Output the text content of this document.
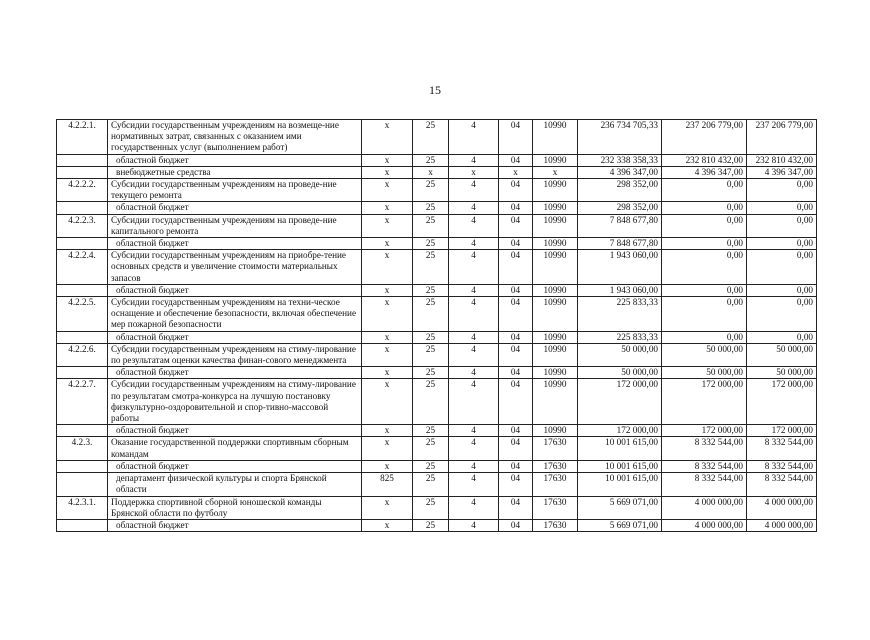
15
4.2.2.1.	Субсидии государственным учреждениям на возмеще-ние нормативных затрат, связанных с оказанием ими государственных услуг (выполнением работ)	x	25	4	04	10990	236 734 705,33	237 206 779,00	237 206 779,00
	областной бюджет	x	25	4	04	10990	232 338 358,33	232 810 432,00	232 810 432,00
	внебюджетные средства	x	x	x	x	x	4 396 347,00	4 396 347,00	4 396 347,00
4.2.2.2.	Субсидии государственным учреждениям на проведе-ние текущего ремонта	x	25	4	04	10990	298 352,00	0,00	0,00
	областной бюджет	x	25	4	04	10990	298 352,00	0,00	0,00
4.2.2.3.	Субсидии государственным учреждениям на проведе-ние капитального ремонта	x	25	4	04	10990	7 848 677,80	0,00	0,00
	областной бюджет	x	25	4	04	10990	7 848 677,80	0,00	0,00
4.2.2.4.	Субсидии государственным учреждениям на приобре-тение основных средств и увеличение стоимости материальных запасов	x	25	4	04	10990	1 943 060,00	0,00	0,00
	областной бюджет	x	25	4	04	10990	1 943 060,00	0,00	0,00
4.2.2.5.	Субсидии государственным учреждениям на техни-ческое оснащение и обеспечение безопасности, включая обеспечение мер пожарной безопасности	x	25	4	04	10990	225 833,33	0,00	0,00
	областной бюджет	x	25	4	04	10990	225 833,33	0,00	0,00
4.2.2.6.	Субсидии государственным учреждениям на стиму-лирование по результатам оценки качества финан-сового менеджмента	x	25	4	04	10990	50 000,00	50 000,00	50 000,00
	областной бюджет	x	25	4	04	10990	50 000,00	50 000,00	50 000,00
4.2.2.7.	Субсидии государственным учреждениям на стиму-лирование по результатам смотра-конкурса на лучшую постановку физкультурно-оздоровительной и спор-тивно-массовой работы	x	25	4	04	10990	172 000,00	172 000,00	172 000,00
	областной бюджет	x	25	4	04	10990	172 000,00	172 000,00	172 000,00
4.2.3.	Оказание государственной поддержки спортивным сборным командам	x	25	4	04	17630	10 001 615,00	8 332 544,00	8 332 544,00
	областной бюджет	x	25	4	04	17630	10 001 615,00	8 332 544,00	8 332 544,00
	департамент физической культуры и спорта Брянской области	825	25	4	04	17630	10 001 615,00	8 332 544,00	8 332 544,00
4.2.3.1.	Поддержка спортивной сборной юношеской команды Брянской области по футболу	x	25	4	04	17630	5 669 071,00	4 000 000,00	4 000 000,00
	областной бюджет	x	25	4	04	17630	5 669 071,00	4 000 000,00	4 000 000,00
